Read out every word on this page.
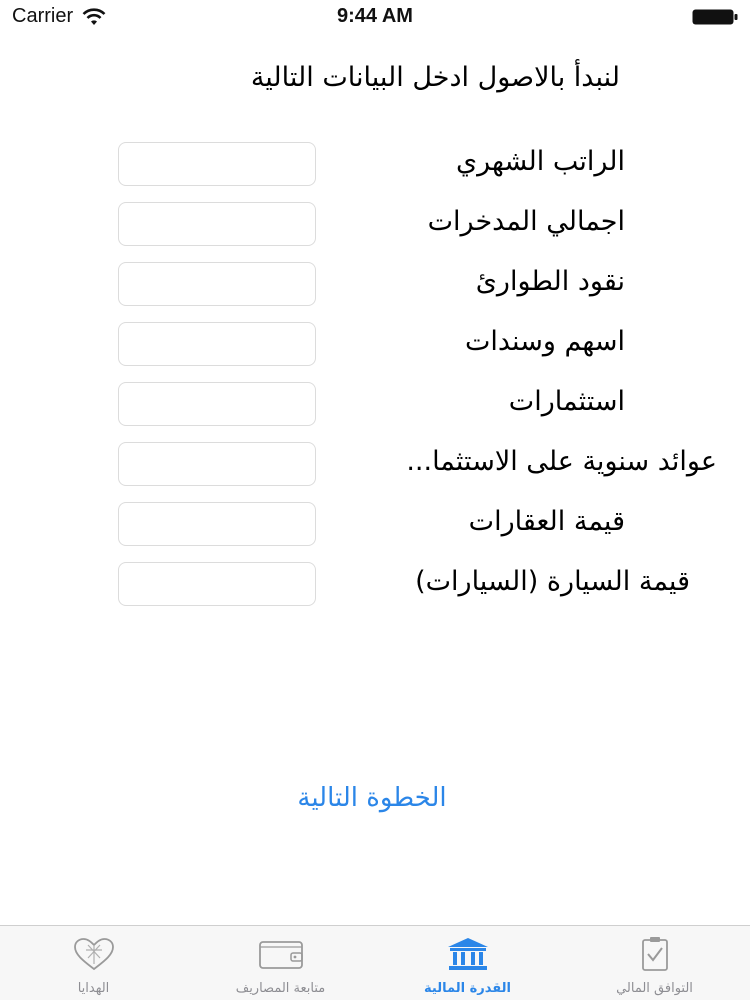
Carrier	9:44 AM
لنبدأ بالاصول ادخل البيانات التالية
الراتب الشهري
اجمالي المدخرات
نقود الطوارئ
اسهم وسندات
استثمارات
عوائد سنوية على الاستثما...
قيمة العقارات
قيمة السيارة (السيارات)
الخطوة التالية
الهدايا	متابعة المصاريف	القدرة المالية	التوافق المالي
